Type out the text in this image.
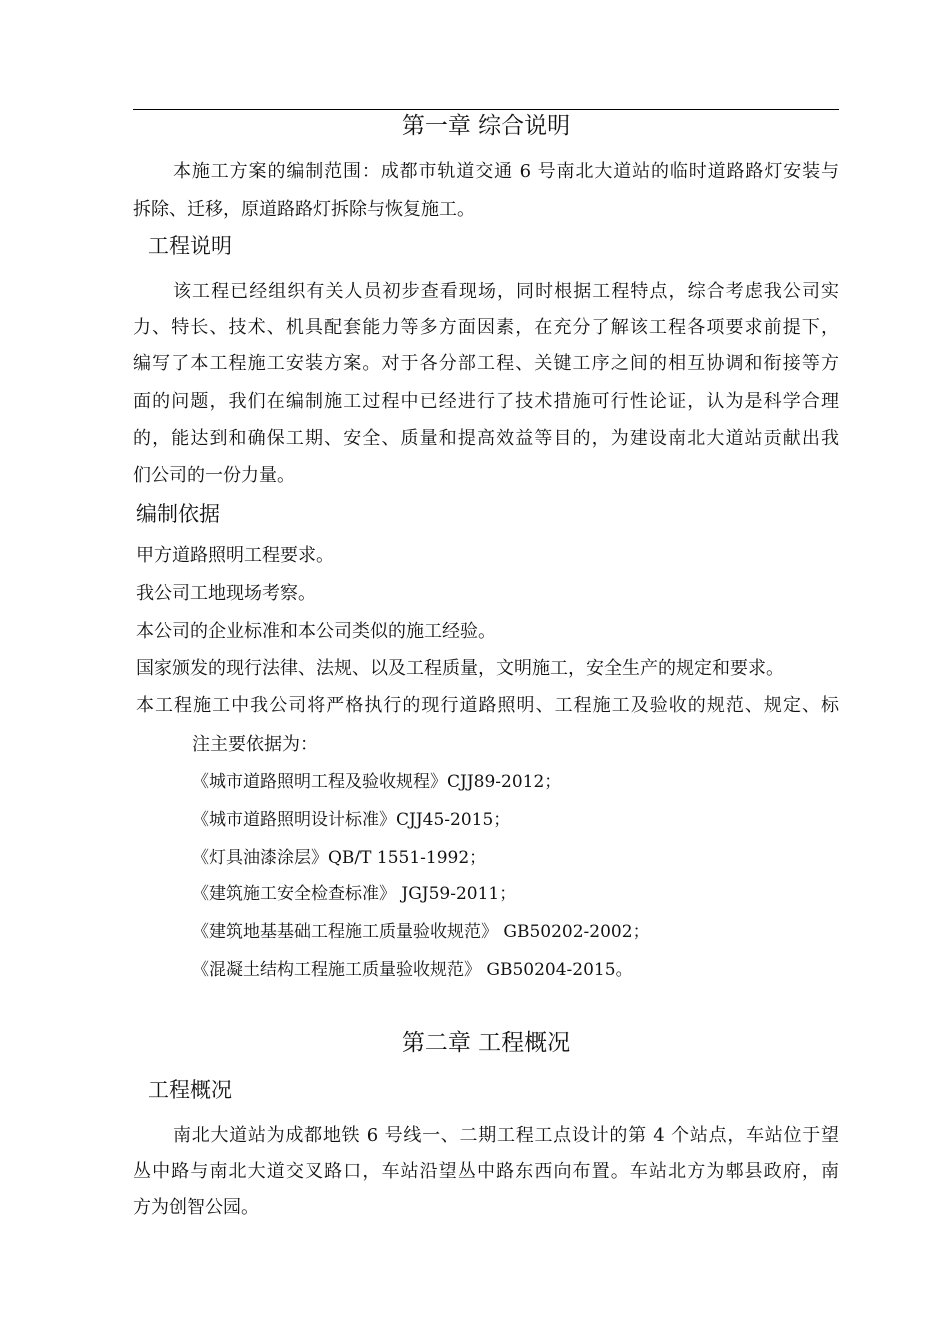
第一章 综合说明
本施工方案的编制范围：成都市轨道交通 6 号南北大道站的临时道路路灯安装与
拆除、迁移，原道路路灯拆除与恢复施工。
工程说明
该工程已经组织有关人员初步查看现场，同时根据工程特点，综合考虑我公司实
力、特长、技术、机具配套能力等多方面因素，在充分了解该工程各项要求前提下，
编写了本工程施工安装方案。对于各分部工程、关键工序之间的相互协调和衔接等方
面的问题，我们在编制施工过程中已经进行了技术措施可行性论证，认为是科学合理
的，能达到和确保工期、安全、质量和提高效益等目的，为建设南北大道站贡献出我
们公司的一份力量。
编制依据
甲方道路照明工程要求。
我公司工地现场考察。
本公司的企业标准和本公司类似的施工经验。
国家颁发的现行法律、法规、以及工程质量，文明施工，安全生产的规定和要求。
本工程施工中我公司将严格执行的现行道路照明、工程施工及验收的规范、规定、标
注主要依据为：
《城市道路照明工程及验收规程》CJJ89-2012；
《城市道路照明设计标准》CJJ45-2015；
《灯具油漆涂层》QB/T 1551-1992；
《建筑施工安全检查标准》 JGJ59-2011；
《建筑地基基础工程施工质量验收规范》 GB50202-2002；
《混凝土结构工程施工质量验收规范》 GB50204-2015。
第二章 工程概况
工程概况
南北大道站为成都地铁 6 号线一、二期工程工点设计的第 4 个站点，车站位于望
丛中路与南北大道交叉路口，车站沿望丛中路东西向布置。车站北方为郫县政府，南
方为创智公园。
